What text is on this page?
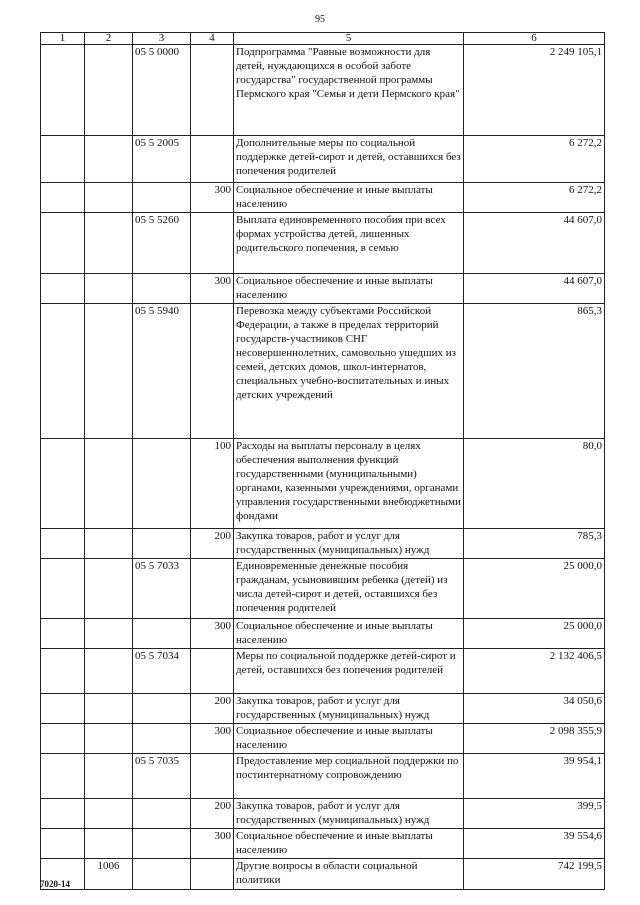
95
1	2	3	4	5	6
		05 5 0000		Подпрограмма "Равные возможности для детей, нуждающихся в особой заботе государства" государственной программы Пермского края "Семья и дети Пермского края"	2 249 105,1
		05 5 2005		Дополнительные меры по социальной поддержке детей-сирот и детей, оставшихся без попечения родителей	6 272,2
			300	Социальное обеспечение и иные выплаты населению	6 272,2
		05 5 5260		Выплата единовременного пособия при всех формах устройства детей, лишенных родительского попечения, в семью	44 607,0
			300	Социальное обеспечение и иные выплаты населению	44 607,0
		05 5 5940		Перевозка между субъектами Российской Федерации, а также в пределах территорий государств-участников СНГ несовершеннолетних, самовольно ушедших из семей, детских домов, школ-интернатов, специальных учебно-воспитательных и иных детских учреждений	865,3
			100	Расходы на выплаты персоналу в целях обеспечения выполнения функций государственными (муниципальными) органами, казенными учреждениями, органами управления государственными внебюджетными фондами	80,0
			200	Закупка товаров, работ и услуг для государственных (муниципальных) нужд	785,3
		05 5 7033		Единовременные денежные пособия гражданам, усыновившим ребенка (детей) из числа детей-сирот и детей, оставшихся без попечения родителей	25 000,0
			300	Социальное обеспечение и иные выплаты населению	25 000,0
		05 5 7034		Меры по социальной поддержке детей-сирот и детей, оставшихся без попечения родителей	2 132 406,5
			200	Закупка товаров, работ и услуг для государственных (муниципальных) нужд	34 050,6
			300	Социальное обеспечение и иные выплаты населению	2 098 355,9
		05 5 7035		Предоставление мер социальной поддержки по постинтернатному сопровождению	39 954,1
			200	Закупка товаров, работ и услуг для государственных (муниципальных) нужд	399,5
			300	Социальное обеспечение и иные выплаты населению	39 554,6
	1006			Другие вопросы в области социальной политики	742 199,5
7020-14
